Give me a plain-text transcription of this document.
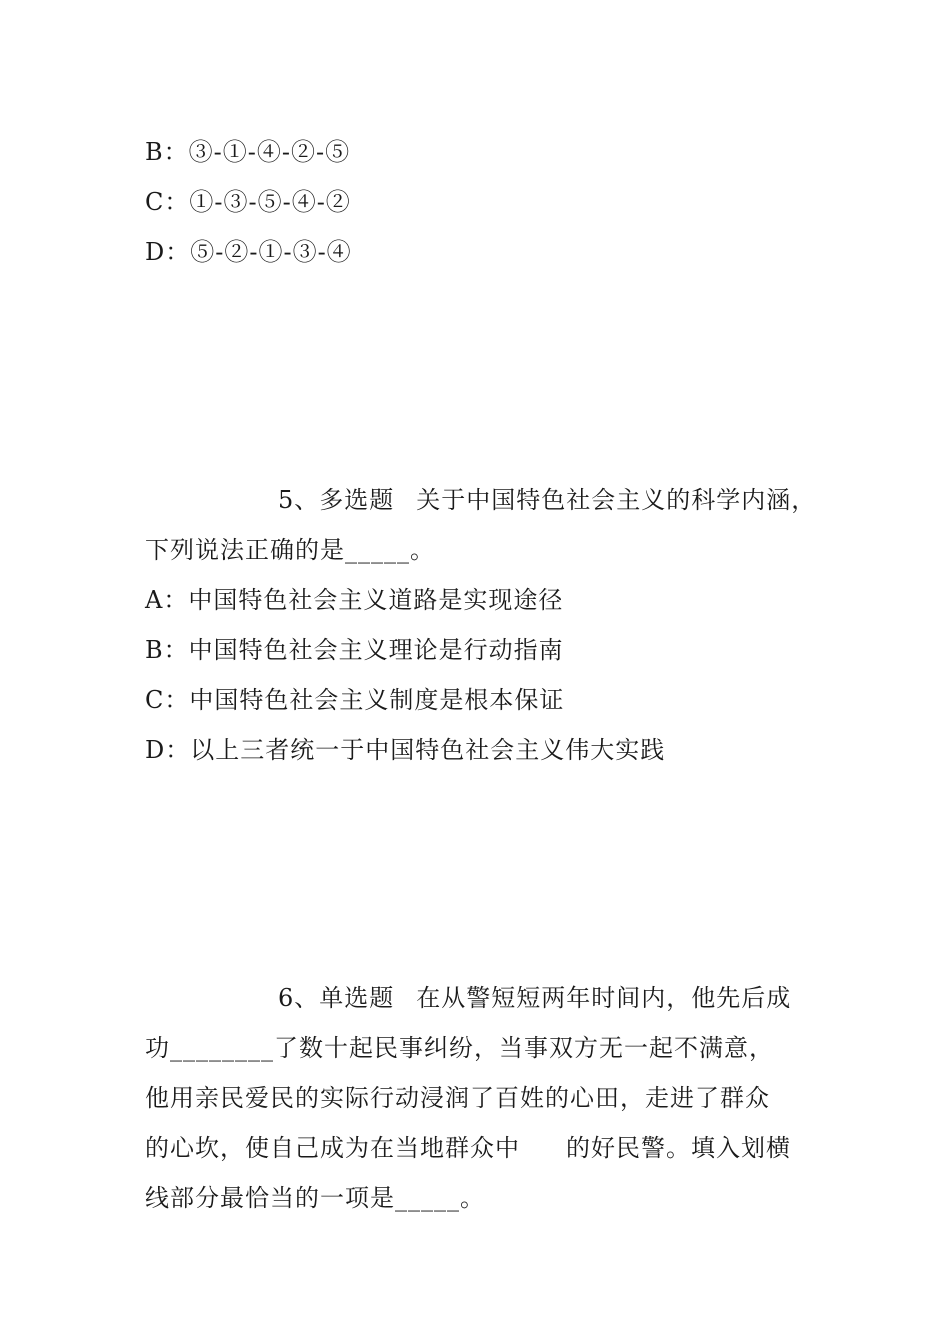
B：③-①-④-②-⑤
C：①-③-⑤-④-②
D：⑤-②-①-③-④
5、多选题 关于中国特色社会主义的科学内涵，
下列说法正确的是_____。
A：中国特色社会主义道路是实现途径
B：中国特色社会主义理论是行动指南
C：中国特色社会主义制度是根本保证
D：以上三者统一于中国特色社会主义伟大实践
6、单选题 在从警短短两年时间内，他先后成
功________了数十起民事纠纷，当事双方无一起不满意，
他用亲民爱民的实际行动浸润了百姓的心田，走进了群众
的心坎，使自己成为在当地群众中 的好民警。填入划横
线部分最恰当的一项是_____。
